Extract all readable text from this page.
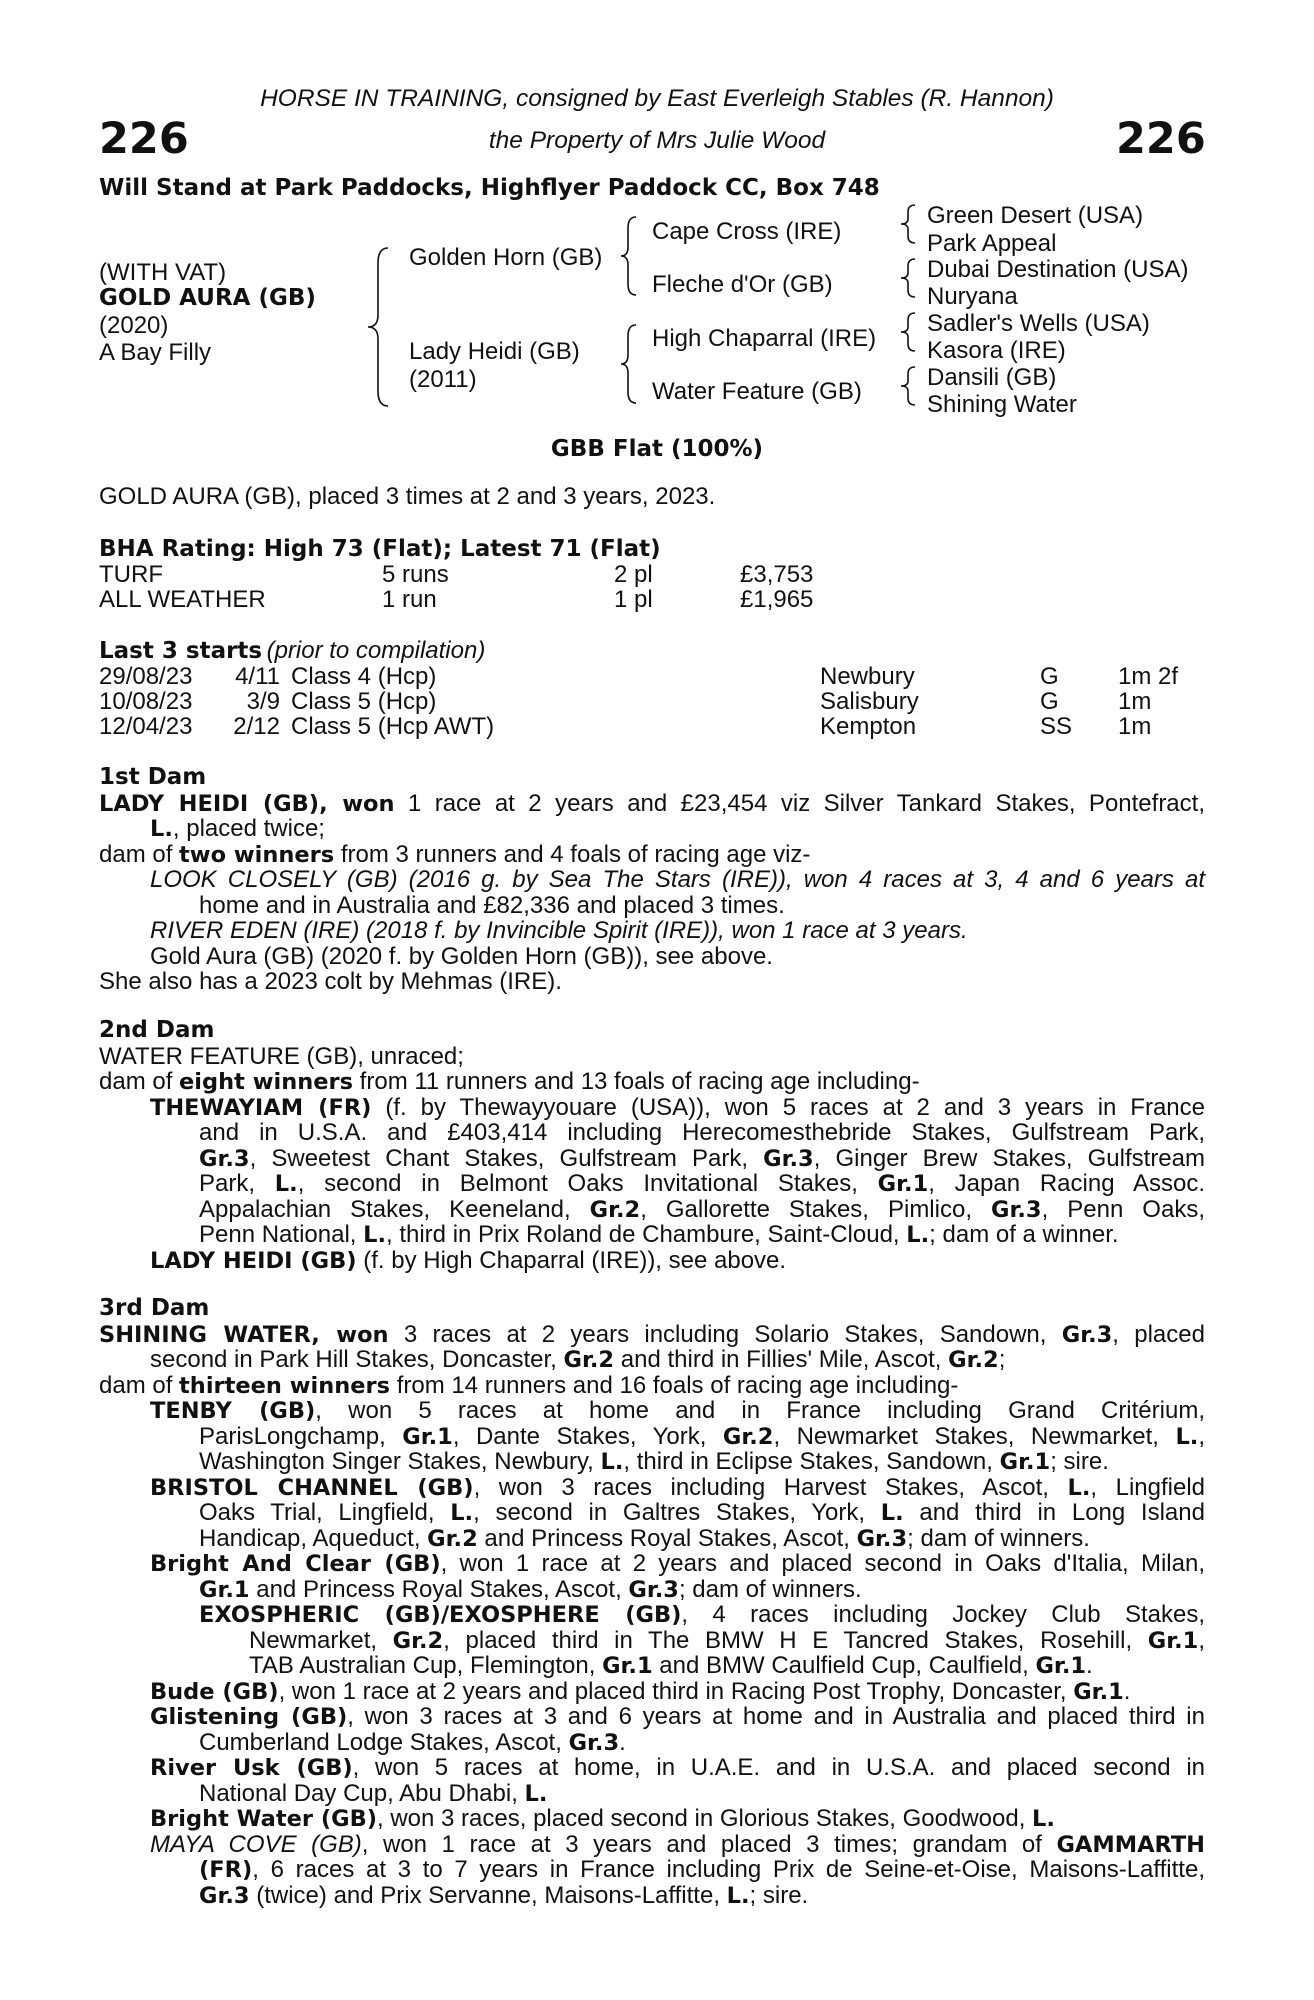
226	226
HORSE IN TRAINING, consigned by East Everleigh Stables (R. Hannon)
the Property of Mrs Julie Wood
Will Stand at Park Paddocks, Highflyer Paddock CC, Box 748
(WITH VAT)
GOLD AURA (GB)
(2020)
A Bay Filly
Golden Horn (GB)
Lady Heidi (GB)
(2011)
Cape Cross (IRE)
Fleche d'Or (GB)
High Chaparral (IRE)
Water Feature (GB)
Green Desert (USA)
Park Appeal
Dubai Destination (USA)
Nuryana
Sadler's Wells (USA)
Kasora (IRE)
Dansili (GB)
Shining Water
GBB Flat (100%)
GOLD AURA (GB), placed 3 times at 2 and 3 years, 2023.
BHA Rating: High 73 (Flat); Latest 71 (Flat)
TURF	5 runs	2 pl	£3,753
ALL WEATHER	1 run	1 pl	£1,965
Last 3 starts (prior to compilation)
29/08/23	4/11 Class 4 (Hcp)	Newbury	G 1m 2f
10/08/23	3/9 Class 5 (Hcp)	Salisbury	G 1m
12/04/23	2/12 Class 5 (Hcp AWT)	Kempton	SS 1m
1st Dam
LADY HEIDI (GB), won 1 race at 2 years and £23,454 viz Silver Tankard Stakes, Pontefract,
L., placed twice;
dam of two winners from 3 runners and 4 foals of racing age viz-
LOOK CLOSELY (GB) (2016 g. by Sea The Stars (IRE)), won 4 races at 3, 4 and 6 years at
home and in Australia and £82,336 and placed 3 times.
RIVER EDEN (IRE) (2018 f. by Invincible Spirit (IRE)), won 1 race at 3 years.
Gold Aura (GB) (2020 f. by Golden Horn (GB)), see above.
She also has a 2023 colt by Mehmas (IRE).
2nd Dam
WATER FEATURE (GB), unraced;
dam of eight winners from 11 runners and 13 foals of racing age including-
THEWAYIAM (FR) (f. by Thewayyouare (USA)), won 5 races at 2 and 3 years in France
and in U.S.A. and £403,414 including Herecomesthebride Stakes, Gulfstream Park,
Gr.3, Sweetest Chant Stakes, Gulfstream Park, Gr.3, Ginger Brew Stakes, Gulfstream
Park, L., second in Belmont Oaks Invitational Stakes, Gr.1, Japan Racing Assoc.
Appalachian Stakes, Keeneland, Gr.2, Gallorette Stakes, Pimlico, Gr.3, Penn Oaks,
Penn National, L., third in Prix Roland de Chambure, Saint-Cloud, L.; dam of a winner.
LADY HEIDI (GB) (f. by High Chaparral (IRE)), see above.
3rd Dam
SHINING WATER, won 3 races at 2 years including Solario Stakes, Sandown, Gr.3, placed
second in Park Hill Stakes, Doncaster, Gr.2 and third in Fillies' Mile, Ascot, Gr.2;
dam of thirteen winners from 14 runners and 16 foals of racing age including-
TENBY (GB), won 5 races at home and in France including Grand Critérium,
ParisLongchamp, Gr.1, Dante Stakes, York, Gr.2, Newmarket Stakes, Newmarket, L.,
Washington Singer Stakes, Newbury, L., third in Eclipse Stakes, Sandown, Gr.1; sire.
BRISTOL CHANNEL (GB), won 3 races including Harvest Stakes, Ascot, L., Lingfield
Oaks Trial, Lingfield, L., second in Galtres Stakes, York, L. and third in Long Island
Handicap, Aqueduct, Gr.2 and Princess Royal Stakes, Ascot, Gr.3; dam of winners.
Bright And Clear (GB), won 1 race at 2 years and placed second in Oaks d'Italia, Milan,
Gr.1 and Princess Royal Stakes, Ascot, Gr.3; dam of winners.
EXOSPHERIC (GB)/EXOSPHERE (GB), 4 races including Jockey Club Stakes,
Newmarket, Gr.2, placed third in The BMW H E Tancred Stakes, Rosehill, Gr.1,
TAB Australian Cup, Flemington, Gr.1 and BMW Caulfield Cup, Caulfield, Gr.1.
Bude (GB), won 1 race at 2 years and placed third in Racing Post Trophy, Doncaster, Gr.1.
Glistening (GB), won 3 races at 3 and 6 years at home and in Australia and placed third in
Cumberland Lodge Stakes, Ascot, Gr.3.
River Usk (GB), won 5 races at home, in U.A.E. and in U.S.A. and placed second in
National Day Cup, Abu Dhabi, L.
Bright Water (GB), won 3 races, placed second in Glorious Stakes, Goodwood, L.
MAYA COVE (GB), won 1 race at 3 years and placed 3 times; grandam of GAMMARTH
(FR), 6 races at 3 to 7 years in France including Prix de Seine-et-Oise, Maisons-Laffitte,
Gr.3 (twice) and Prix Servanne, Maisons-Laffitte, L.; sire.
